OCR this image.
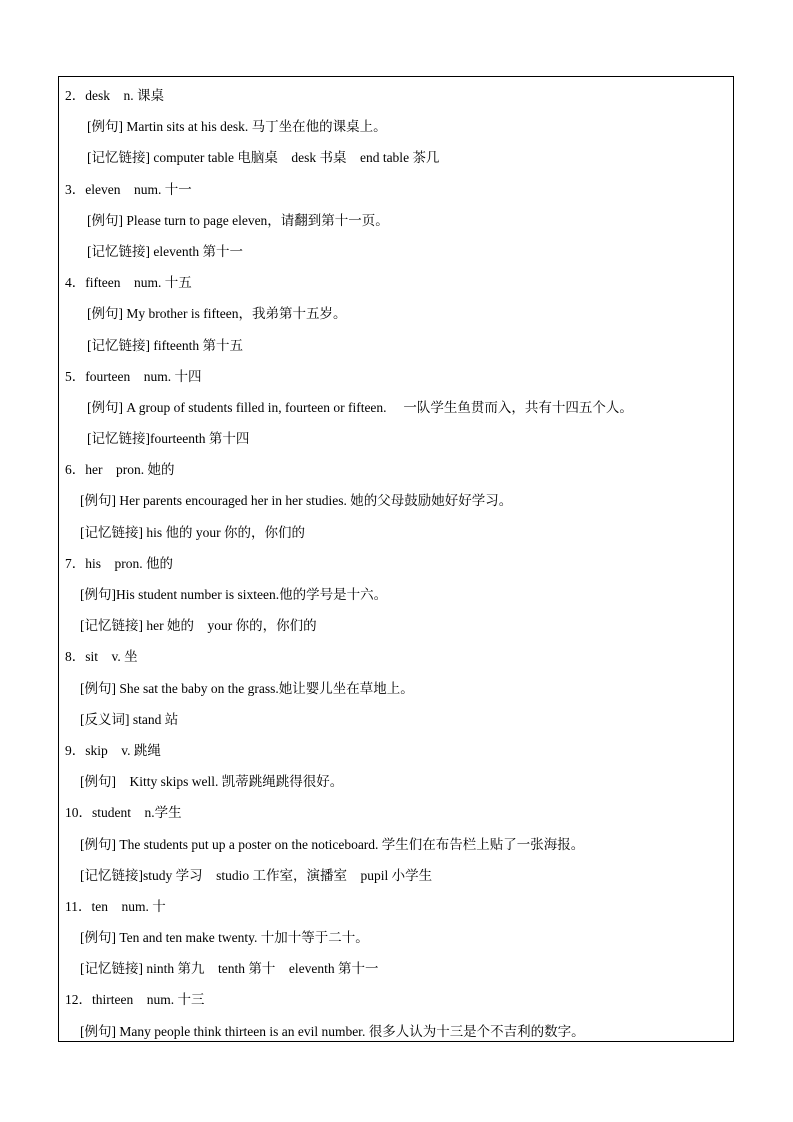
2．desk　n. 课桌
[例句] Martin sits at his desk. 马丁坐在他的课桌上。
[记忆链接] computer table 电脑桌　desk 书桌　end table 茶几
3．eleven　num. 十一
[例句] Please turn to page eleven，请翻到第十一页。
[记忆链接] eleventh 第十一
4．fifteen　num. 十五
[例句] My brother is fifteen，我弟第十五岁。
[记忆链接] fifteenth 第十五
5．fourteen　num. 十四
[例句] A group of students filled in, fourteen or fifteen.　 一队学生鱼贯而入，共有十四五个人。
[记忆链接]fourteenth 第十四
6．her　pron. 她的
[例句] Her parents encouraged her in her studies. 她的父母鼓励她好好学习。
[记忆链接] his 他的 your 你的，你们的
7．his　pron. 他的
[例句]His student number is sixteen.他的学号是十六。
[记忆链接] her 她的　your 你的，你们的
8．sit　v. 坐
[例句] She sat the baby on the grass.她让婴儿坐在草地上。
[反义词] stand 站
9．skip　v. 跳绳
[例句]　Kitty skips well. 凯蒂跳绳跳得很好。
10．student　n.学生
[例句] The students put up a poster on the noticeboard. 学生们在布告栏上贴了一张海报。
[记忆链接]study 学习　studio 工作室，演播室　pupil 小学生
11．ten　num. 十
[例句] Ten and ten make twenty. 十加十等于二十。
[记忆链接] ninth 第九　tenth 第十　eleventh 第十一
12．thirteen　num. 十三
[例句] Many people think thirteen is an evil number. 很多人认为十三是个不吉利的数字。
